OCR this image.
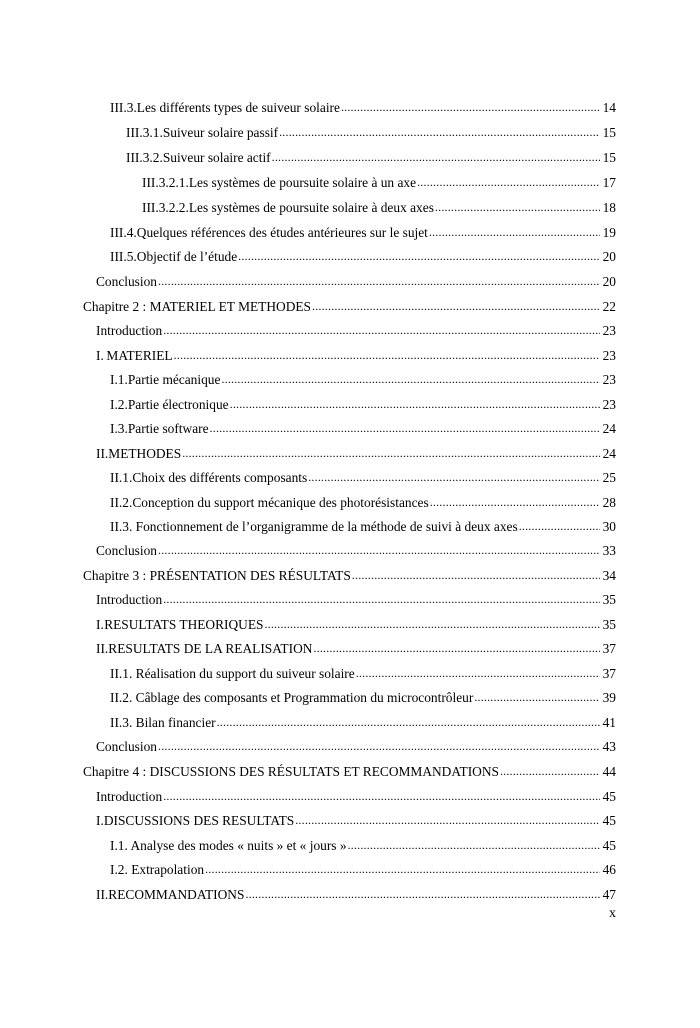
III.3. Les différents types de suiveur solaire .....	14
III.3.1. Suiveur solaire passif .....	15
III.3.2. Suiveur solaire actif .....	15
III.3.2.1. Les systèmes de poursuite solaire à un axe .....	17
III.3.2.2. Les systèmes de poursuite solaire à deux axes .....	18
III.4. Quelques références des études antérieures sur le sujet .....	19
III.5. Objectif de l’étude .....	20
Conclusion .....	20
Chapitre 2 : MATERIEL ET METHODES .....	22
Introduction .....	23
I. MATERIEL .....	23
I.1. Partie mécanique .....	23
I.2. Partie électronique .....	23
I.3. Partie software .....	24
II. METHODES .....	24
II.1. Choix des différents composants .....	25
II.2. Conception du support mécanique des photorésistances .....	28
II.3. Fonctionnement de l’organigramme de la méthode de suivi à deux axes .....	30
Conclusion .....	33
Chapitre 3 : PRÉSENTATION DES RÉSULTATS .....	34
Introduction .....	35
I. RESULTATS THEORIQUES .....	35
II. RESULTATS DE LA REALISATION .....	37
II.1. Réalisation du support du suiveur solaire .....	37
II.2. Câblage des composants et Programmation du microcontrôleur .....	39
II.3. Bilan financier .....	41
Conclusion .....	43
Chapitre 4 : DISCUSSIONS DES RÉSULTATS ET RECOMMANDATIONS .....	44
Introduction .....	45
I. DISCUSSIONS DES RESULTATS .....	45
I.1. Analyse des modes « nuits » et « jours » .....	45
I.2. Extrapolation .....	46
II. RECOMMANDATIONS .....	47
x
